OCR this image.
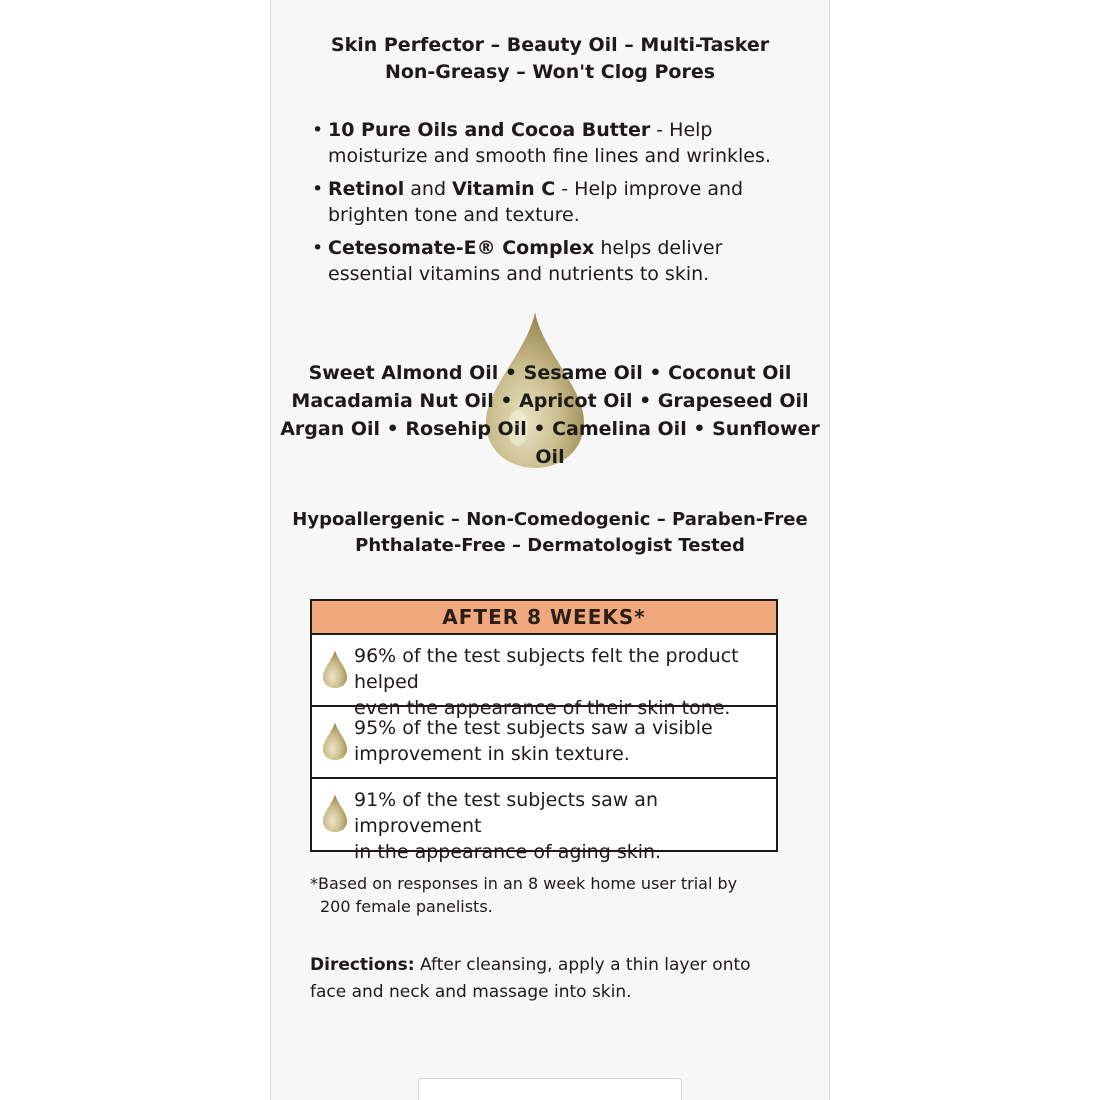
Skin Perfector – Beauty Oil – Multi-Tasker
Non-Greasy – Won't Clog Pores
• 10 Pure Oils and Cocoa Butter - Help moisturize and smooth fine lines and wrinkles.
• Retinol and Vitamin C - Help improve and brighten tone and texture.
• Cetesomate-E® Complex helps deliver essential vitamins and nutrients to skin.
Sweet Almond Oil • Sesame Oil • Coconut Oil
Macadamia Nut Oil • Apricot Oil • Grapeseed Oil
Argan Oil • Rosehip Oil • Camelina Oil • Sunflower Oil
Hypoallergenic – Non-Comedogenic – Paraben-Free
Phthalate-Free – Dermatologist Tested
AFTER 8 WEEKS*
96% of the test subjects felt the product helped
even the appearance of their skin tone.
95% of the test subjects saw a visible
improvement in skin texture.
91% of the test subjects saw an improvement
in the appearance of aging skin.
*Based on responses in an 8 week home user trial by
200 female panelists.
Directions: After cleansing, apply a thin layer onto face and neck and massage into skin.
